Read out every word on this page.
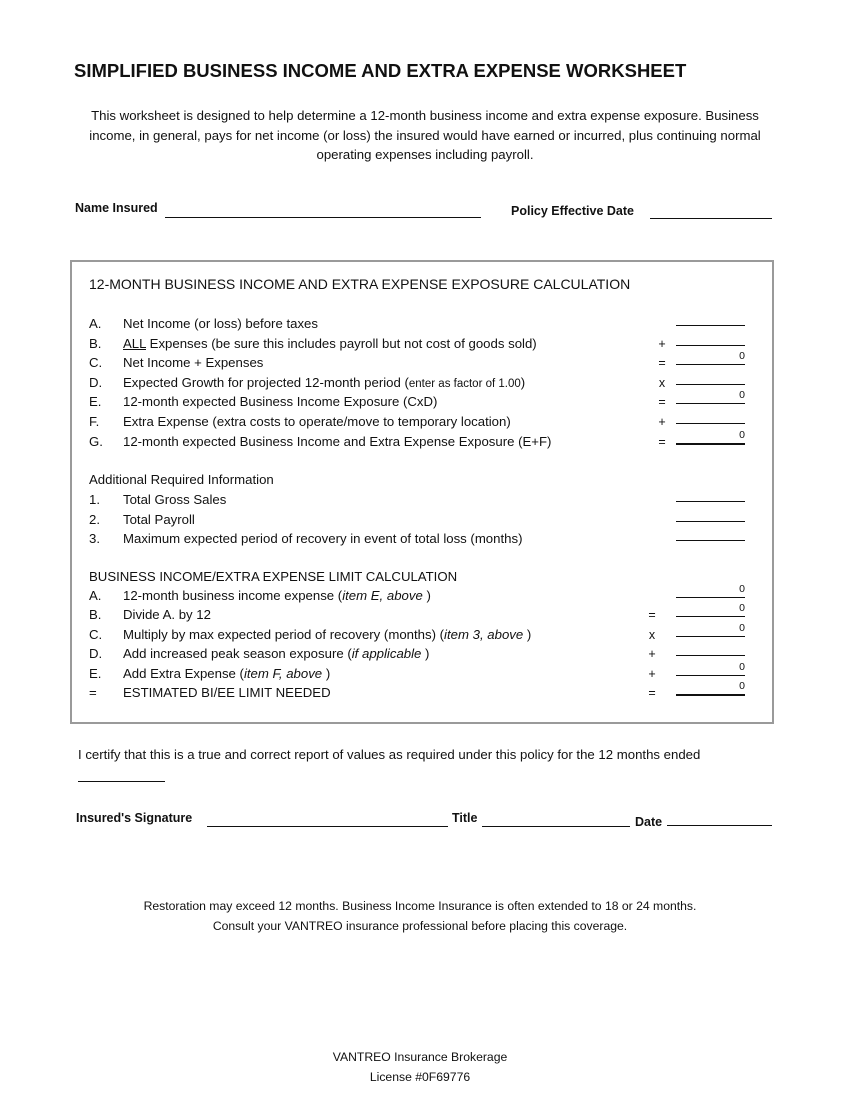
SIMPLIFIED BUSINESS INCOME AND EXTRA EXPENSE WORKSHEET
This worksheet is designed to help determine a 12-month business income and extra expense exposure. Business income, in general, pays for net income (or loss) the insured would have earned or incurred, plus continuing normal operating expenses including payroll.
Name Insured	Policy Effective Date
12-MONTH BUSINESS INCOME AND EXTRA EXPENSE EXPOSURE CALCULATION
A. Net Income (or loss) before taxes
B. ALL Expenses (be sure this includes payroll but not cost of goods sold)	+
C. Net Income + Expenses	=	0
D. Expected Growth for projected 12-month period (enter as factor of 1.00)	x
E. 12-month expected Business Income Exposure (CxD)	=	0
F. Extra Expense (extra costs to operate/move to temporary location)	+
G. 12-month expected Business Income and Extra Expense Exposure (E+F)	=	0
Additional Required Information
1. Total Gross Sales
2. Total Payroll
3. Maximum expected period of recovery in event of total loss (months)
BUSINESS INCOME/EXTRA EXPENSE LIMIT CALCULATION
A. 12-month business income expense (item E, above )	0
B. Divide A. by 12	=	0
C. Multiply by max expected period of recovery (months) (item 3, above )	x	0
D. Add increased peak season exposure (if applicable )	+
E. Add Extra Expense (item F, above )	+	0
= ESTIMATED BI/EE LIMIT NEEDED	=	0
I certify that this is a true and correct report of values as required under this policy for the 12 months ended
Insured's Signature	Title	Date
Restoration may exceed 12 months. Business Income Insurance is often extended to 18 or 24 months.
Consult your VANTREO insurance professional before placing this coverage.
VANTREO Insurance Brokerage
License #0F69776
